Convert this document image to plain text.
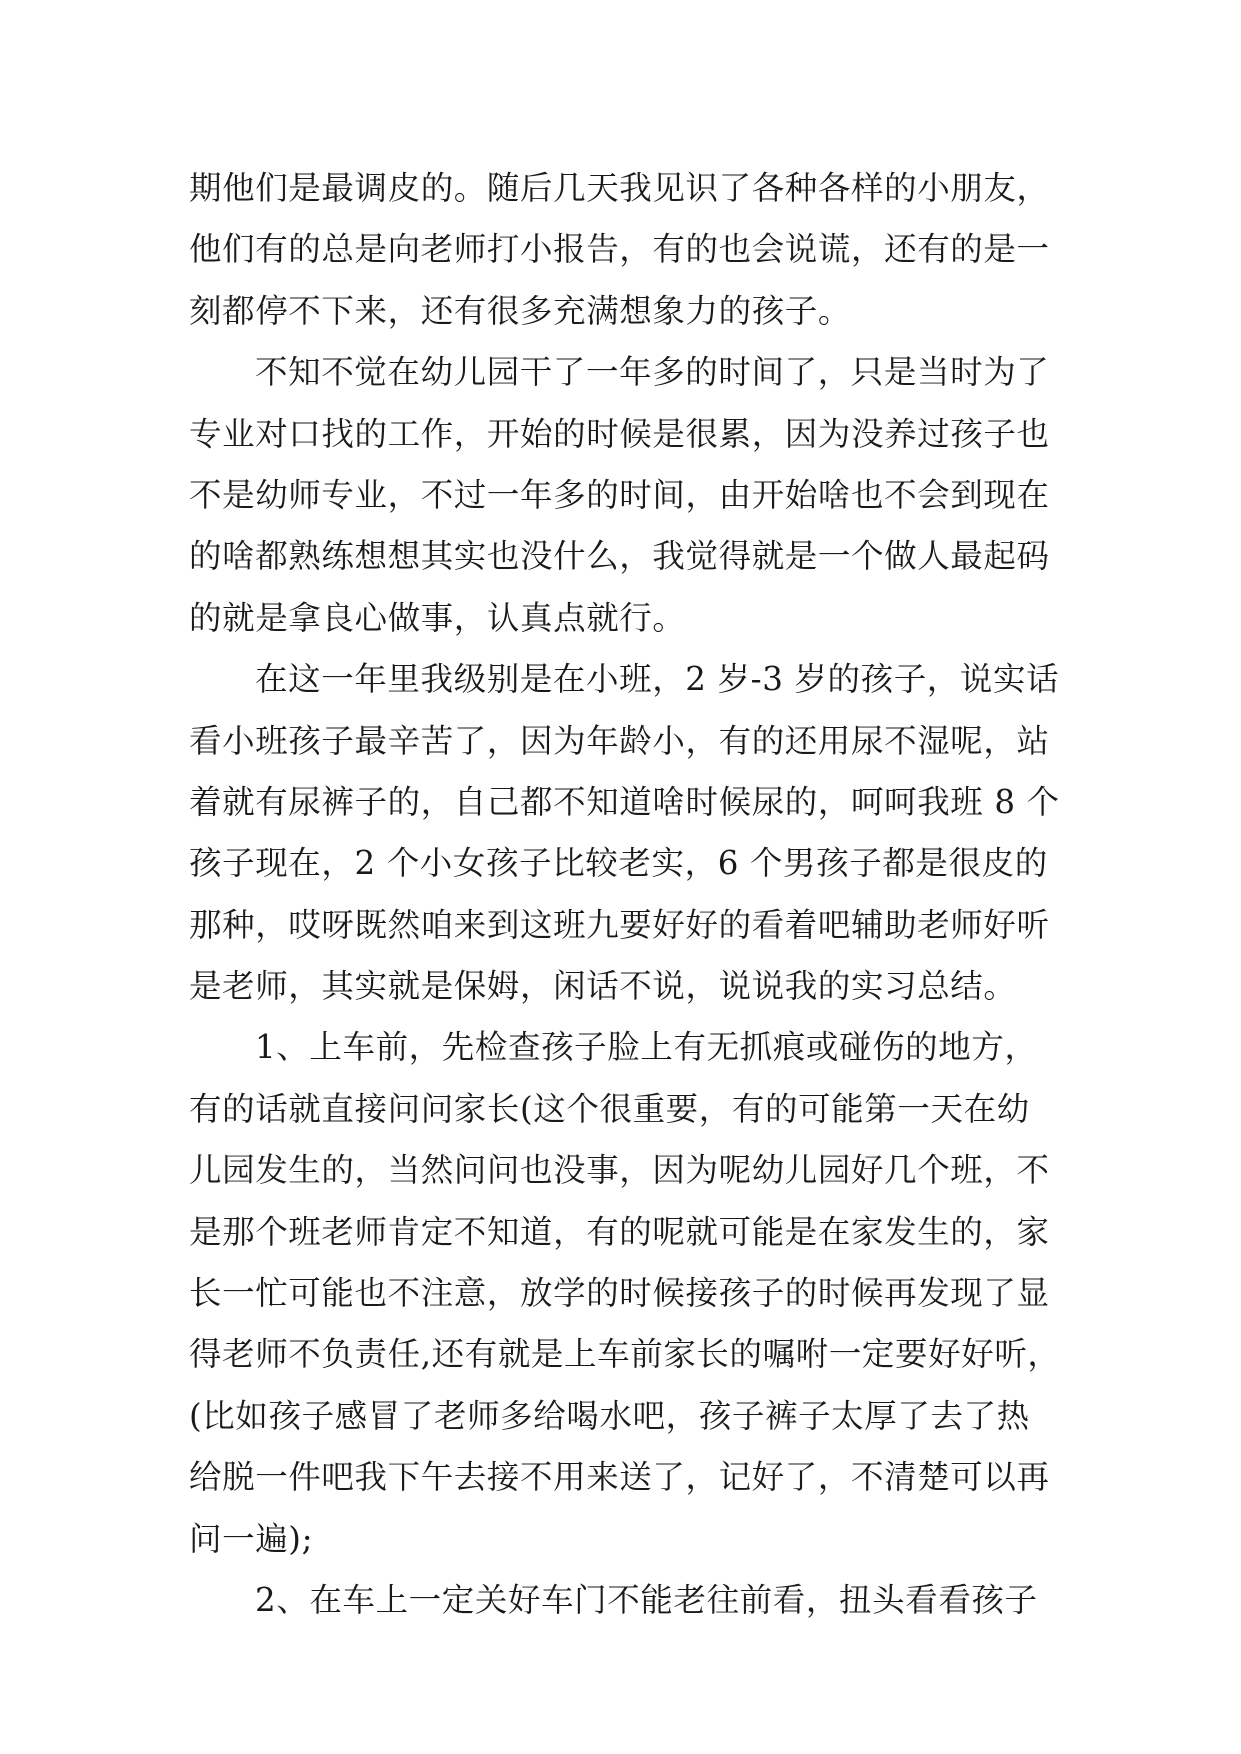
期他们是最调皮的。随后几天我见识了各种各样的小朋友，
他们有的总是向老师打小报告，有的也会说谎，还有的是一
刻都停不下来，还有很多充满想象力的孩子。
不知不觉在幼儿园干了一年多的时间了，只是当时为了
专业对口找的工作，开始的时候是很累，因为没养过孩子也
不是幼师专业，不过一年多的时间，由开始啥也不会到现在
的啥都熟练想想其实也没什么，我觉得就是一个做人最起码
的就是拿良心做事，认真点就行。
在这一年里我级别是在小班，2 岁-3 岁的孩子，说实话
看小班孩子最辛苦了，因为年龄小，有的还用尿不湿呢，站
着就有尿裤子的，自己都不知道啥时候尿的，呵呵我班 8 个
孩子现在，2 个小女孩子比较老实，6 个男孩子都是很皮的
那种，哎呀既然咱来到这班九要好好的看着吧辅助老师好听
是老师，其实就是保姆，闲话不说，说说我的实习总结。
1、上车前，先检查孩子脸上有无抓痕或碰伤的地方，
有的话就直接问问家长(这个很重要，有的可能第一天在幼
儿园发生的，当然问问也没事，因为呢幼儿园好几个班，不
是那个班老师肯定不知道，有的呢就可能是在家发生的，家
长一忙可能也不注意，放学的时候接孩子的时候再发现了显
得老师不负责任,还有就是上车前家长的嘱咐一定要好好听，
(比如孩子感冒了老师多给喝水吧，孩子裤子太厚了去了热
给脱一件吧我下午去接不用来送了，记好了，不清楚可以再
问一遍);
2、在车上一定关好车门不能老往前看，扭头看看孩子
